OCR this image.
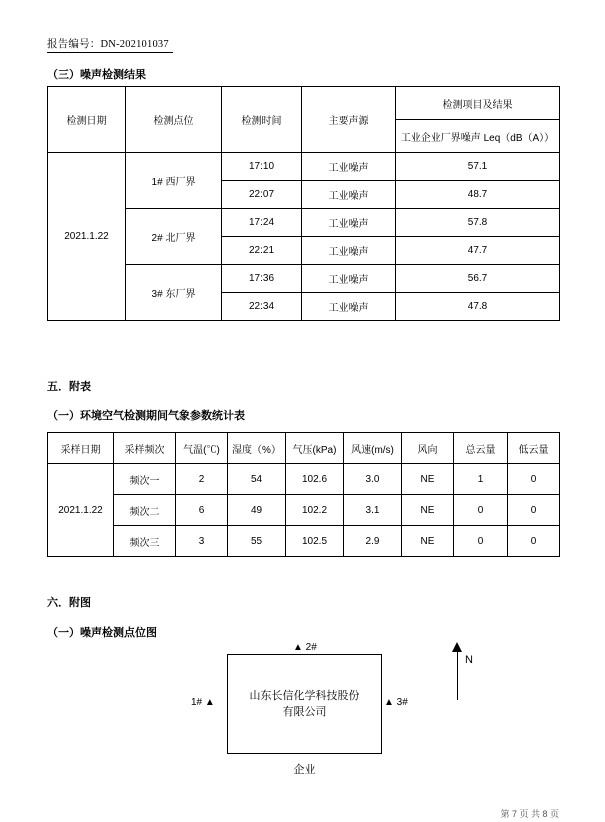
报告编号：DN-202101037
（三）噪声检测结果
检测日期	检测点位	检测时间	主要声源	检测项目及结果
				工业企业厂界噪声 Leq（dB（A））
2021.1.22	1# 西厂界	17:10	工业噪声	57.1
		22:07	工业噪声	48.7
	2# 北厂界	17:24	工业噪声	57.8
		22:21	工业噪声	47.7
	3# 东厂界	17:36	工业噪声	56.7
		22:34	工业噪声	47.8
五．附表
（一）环境空气检测期间气象参数统计表
采样日期	采样频次	气温(℃)	湿度（%）	气压(kPa)	风速(m/s)	风向	总云量	低云量
2021.1.22	频次一	2	54	102.6	3.0	NE	1	0
	频次二	6	49	102.2	3.1	NE	0	0
	频次三	3	55	102.5	2.9	NE	0	0
六．附图
（一）噪声检测点位图
山东长信化学科技股份
有限公司
1# ▲
▲ 2#
▲ 3#
企业
N
第 7 页 共 8 页
